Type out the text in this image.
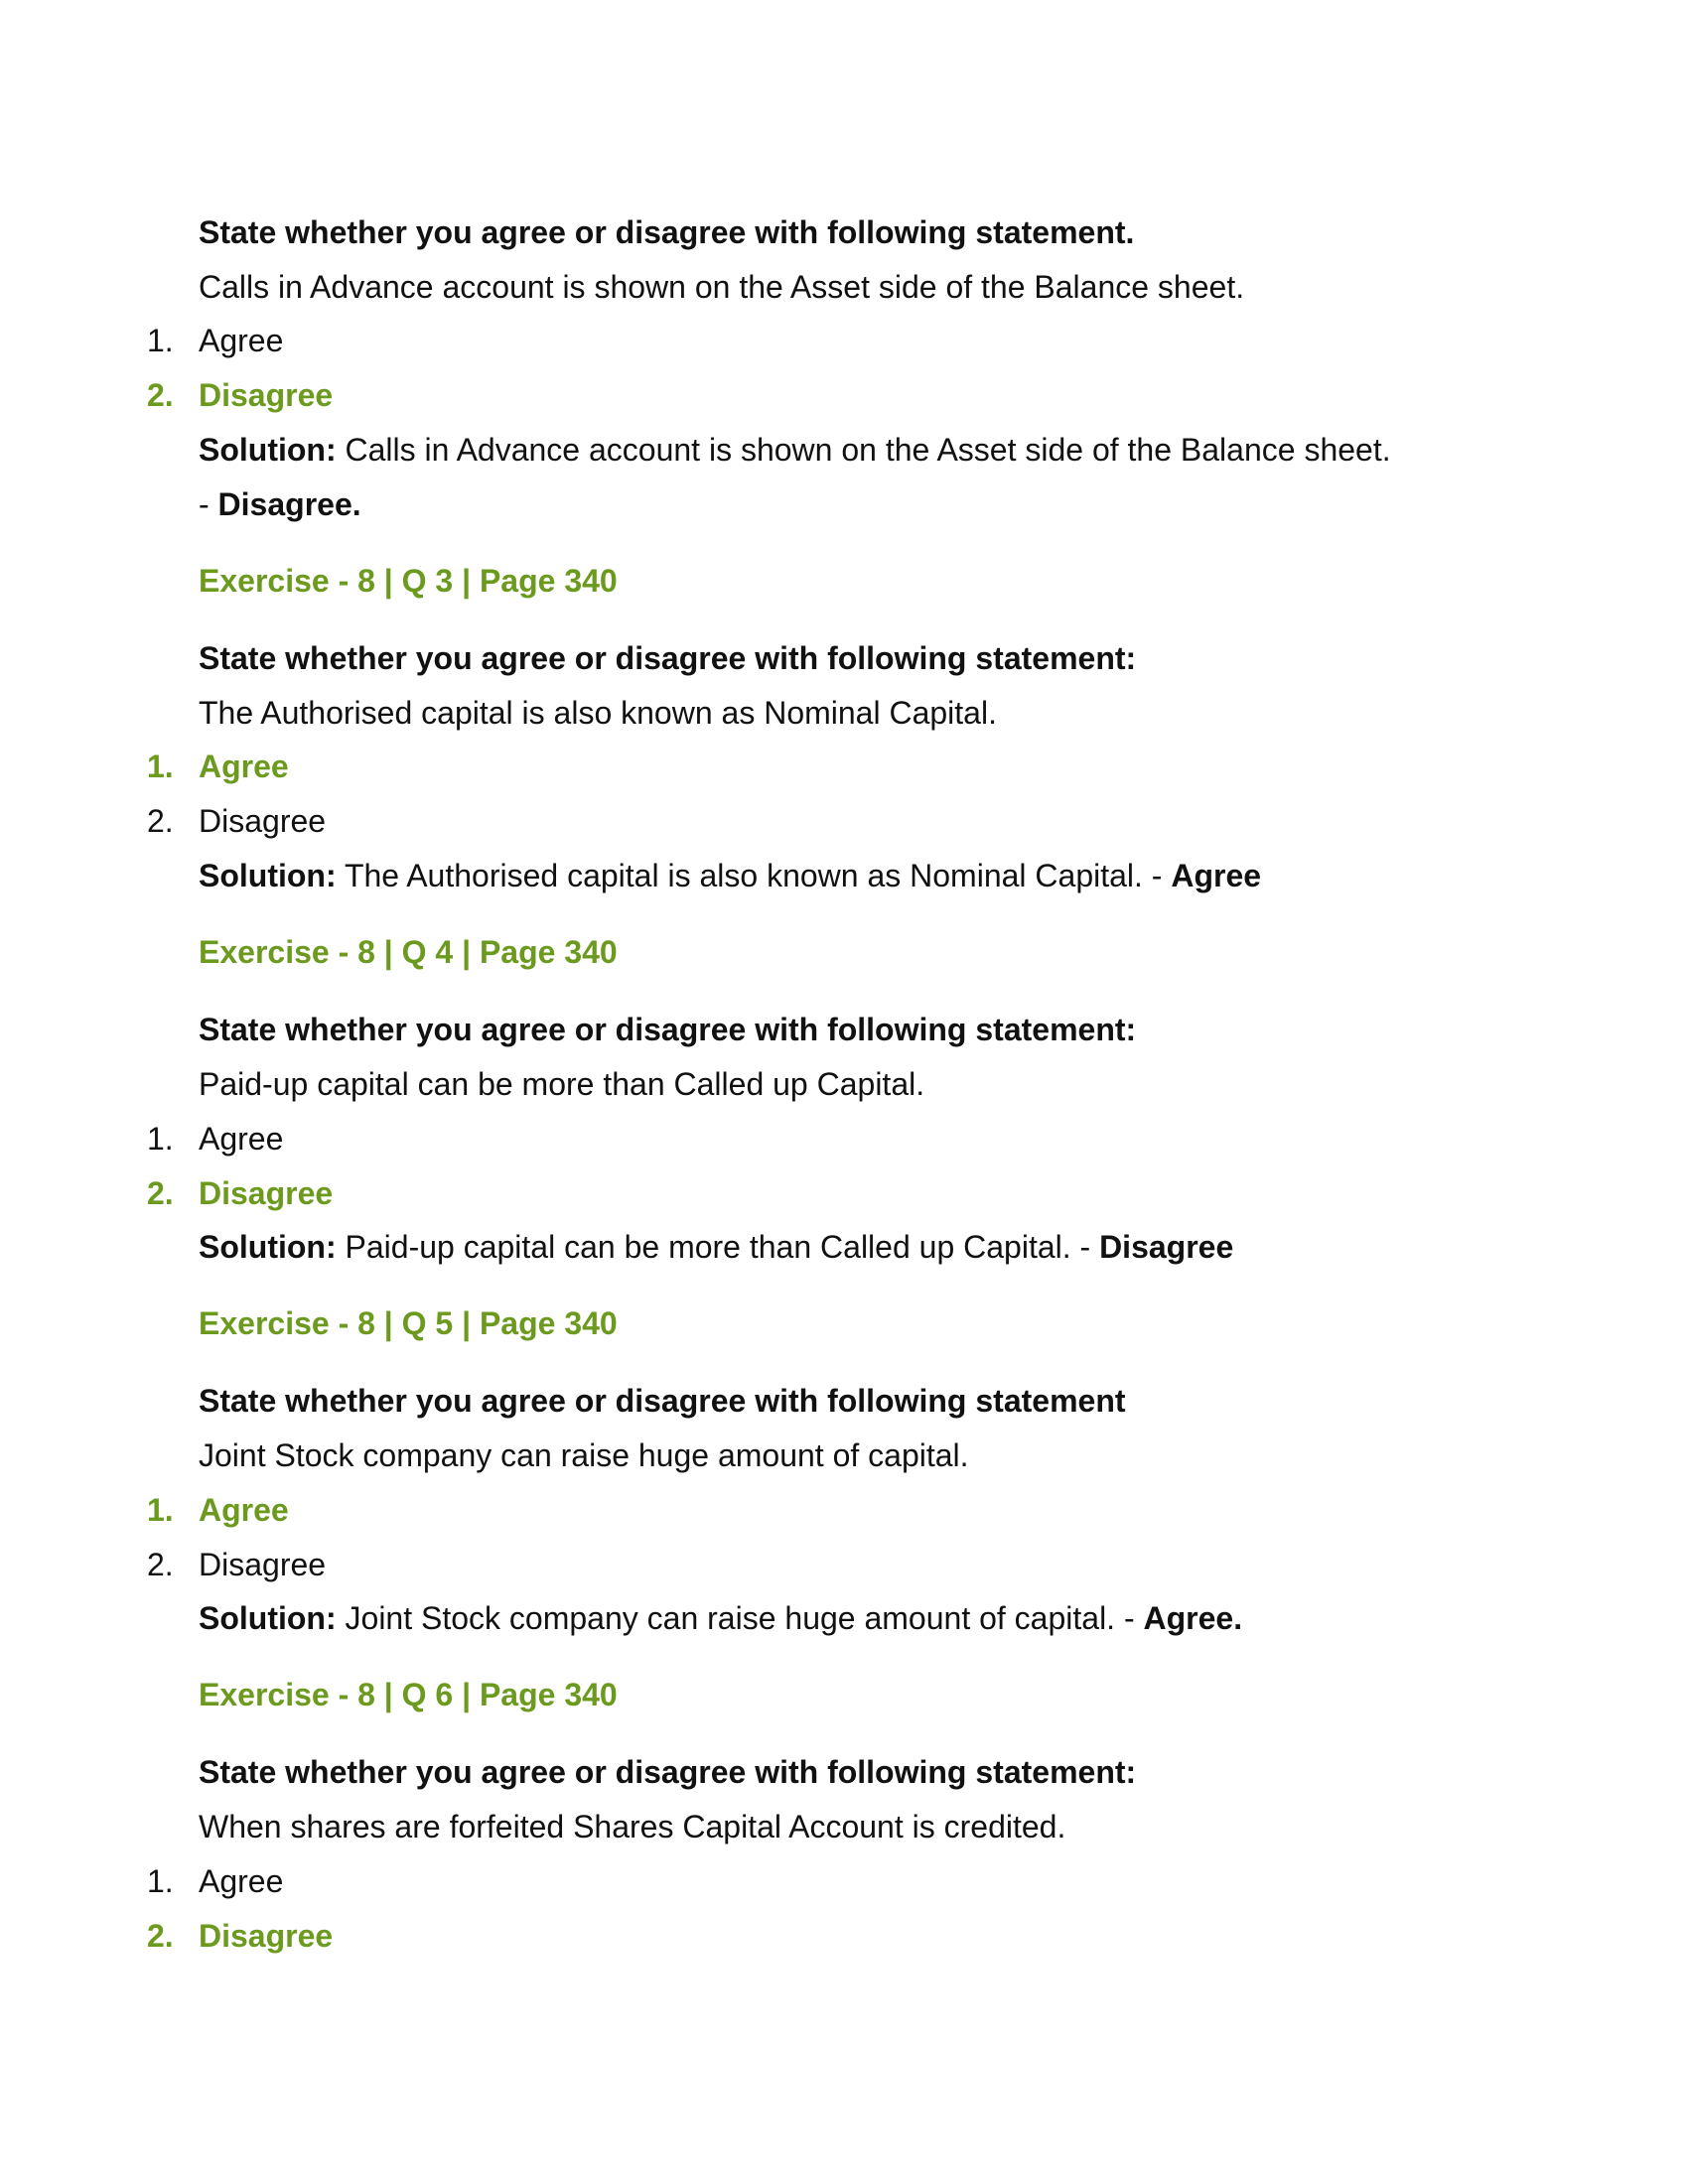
State whether you agree or disagree with following statement.
Calls in Advance account is shown on the Asset side of the Balance sheet.
1. Agree
2. Disagree
Solution: Calls in Advance account is shown on the Asset side of the Balance sheet.
- Disagree.
Exercise - 8 | Q 3 | Page 340
State whether you agree or disagree with following statement:
The Authorised capital is also known as Nominal Capital.
1. Agree
2. Disagree
Solution: The Authorised capital is also known as Nominal Capital. - Agree
Exercise - 8 | Q 4 | Page 340
State whether you agree or disagree with following statement:
Paid-up capital can be more than Called up Capital.
1. Agree
2. Disagree
Solution: Paid-up capital can be more than Called up Capital. - Disagree
Exercise - 8 | Q 5 | Page 340
State whether you agree or disagree with following statement
Joint Stock company can raise huge amount of capital.
1. Agree
2. Disagree
Solution: Joint Stock company can raise huge amount of capital. - Agree.
Exercise - 8 | Q 6 | Page 340
State whether you agree or disagree with following statement:
When shares are forfeited Shares Capital Account is credited.
1. Agree
2. Disagree
